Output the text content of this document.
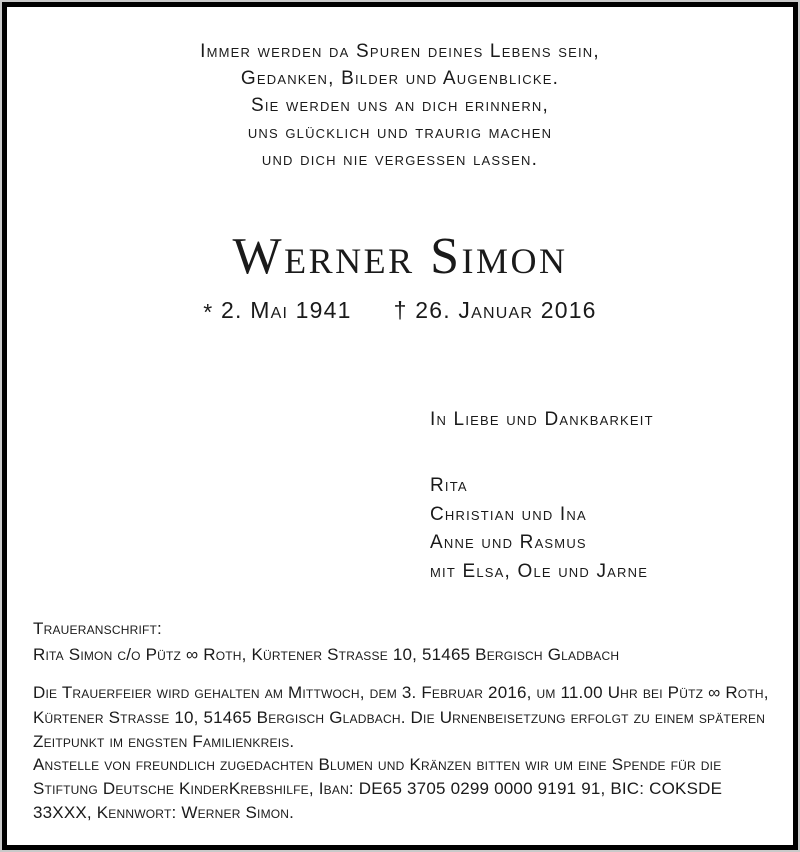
Immer werden da Spuren deines Lebens sein,
Gedanken, Bilder und Augenblicke.
Sie werden uns an dich erinnern,
uns glücklich und traurig machen
und dich nie vergessen lassen.
Werner Simon
* 2. Mai 1941 † 26. Januar 2016
In Liebe und Dankbarkeit
Rita
Christian und Ina
Anne und Rasmus
mit Elsa, Ole und Jarne
Traueranschrift:
Rita Simon c/o Pütz ∞ Roth, Kürtener Strasse 10, 51465 Bergisch Gladbach
Die Trauerfeier wird gehalten am Mittwoch, dem 3. Februar 2016, um 11.00 Uhr bei Pütz ∞ Roth, Kürtener Strasse 10, 51465 Bergisch Gladbach. Die Urnenbeisetzung erfolgt zu einem späteren Zeitpunkt im engsten Familienkreis.
Anstelle von freundlich zugedachten Blumen und Kränzen bitten wir um eine Spende für die Stiftung Deutsche KinderKrebshilfe, Iban: DE65 3705 0299 0000 9191 91, BIC: COKSDE 33XXX, Kennwort: Werner Simon.
